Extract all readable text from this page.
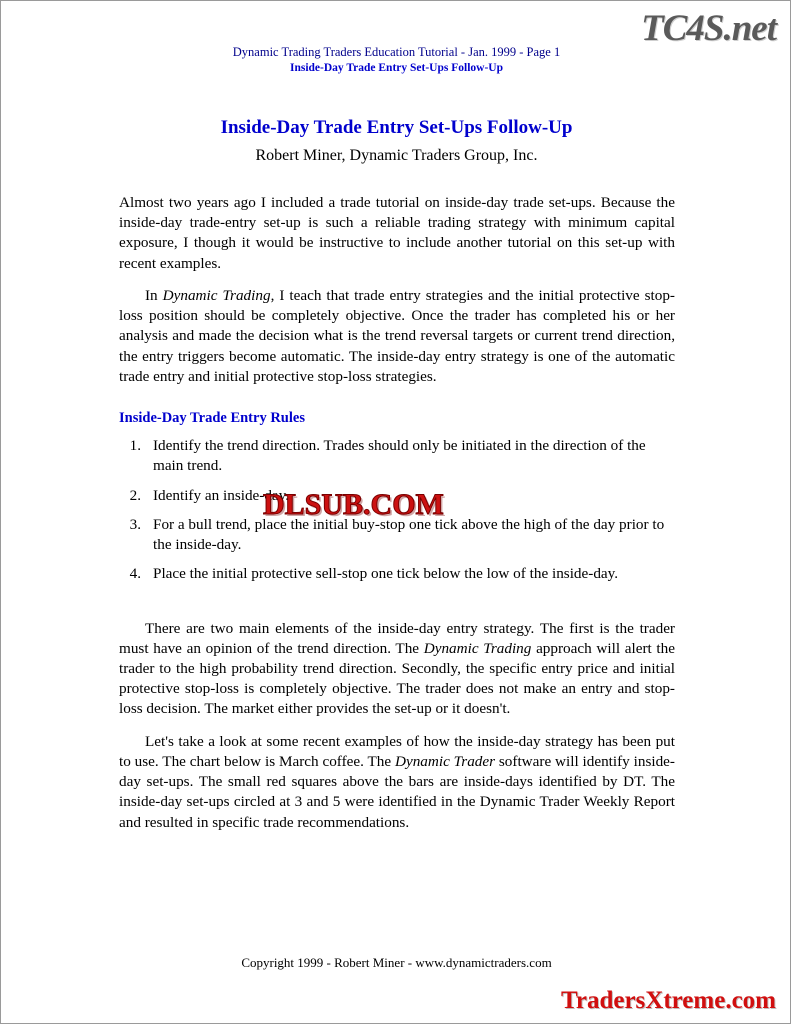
TC4S.net
Dynamic Trading Traders Education Tutorial - Jan. 1999 - Page 1
Inside-Day Trade Entry Set-Ups Follow-Up
Inside-Day Trade Entry Set-Ups Follow-Up
Robert Miner, Dynamic Traders Group, Inc.

Almost two years ago I included a trade tutorial on inside-day trade set-ups. Because the inside-day trade-entry set-up is such a reliable trading strategy with minimum capital exposure, I though it would be instructive to include another tutorial on this set-up with recent examples.

In Dynamic Trading, I teach that trade entry strategies and the initial protective stop-loss position should be completely objective. Once the trader has completed his or her analysis and made the decision what is the trend reversal targets or current trend direction, the entry triggers become automatic. The inside-day entry strategy is one of the automatic trade entry and initial protective stop-loss strategies.

Inside-Day Trade Entry Rules
Identify the trend direction. Trades should only be initiated in the direction of the main trend.
Identify an inside-day.
For a bull trend, place the initial buy-stop one tick above the high of the day prior to the inside-day.
Place the initial protective sell-stop one tick below the low of the inside-day.

There are two main elements of the inside-day entry strategy. The first is the trader must have an opinion of the trend direction. The Dynamic Trading approach will alert the trader to the high probability trend direction. Secondly, the specific entry price and initial protective stop-loss is completely objective. The trader does not make an entry and stop-loss decision. The market either provides the set-up or it doesn't.

Let's take a look at some recent examples of how the inside-day strategy has been put to use. The chart below is March coffee. The Dynamic Trader software will identify inside-day set-ups. The small red squares above the bars are inside-days identified by DT. The inside-day set-ups circled at 3 and 5 were identified in the Dynamic Trader Weekly Report and resulted in specific trade recommendations.

DLSUB.COM
Copyright 1999 - Robert Miner - www.dynamictraders.com
TradersXtreme.com
